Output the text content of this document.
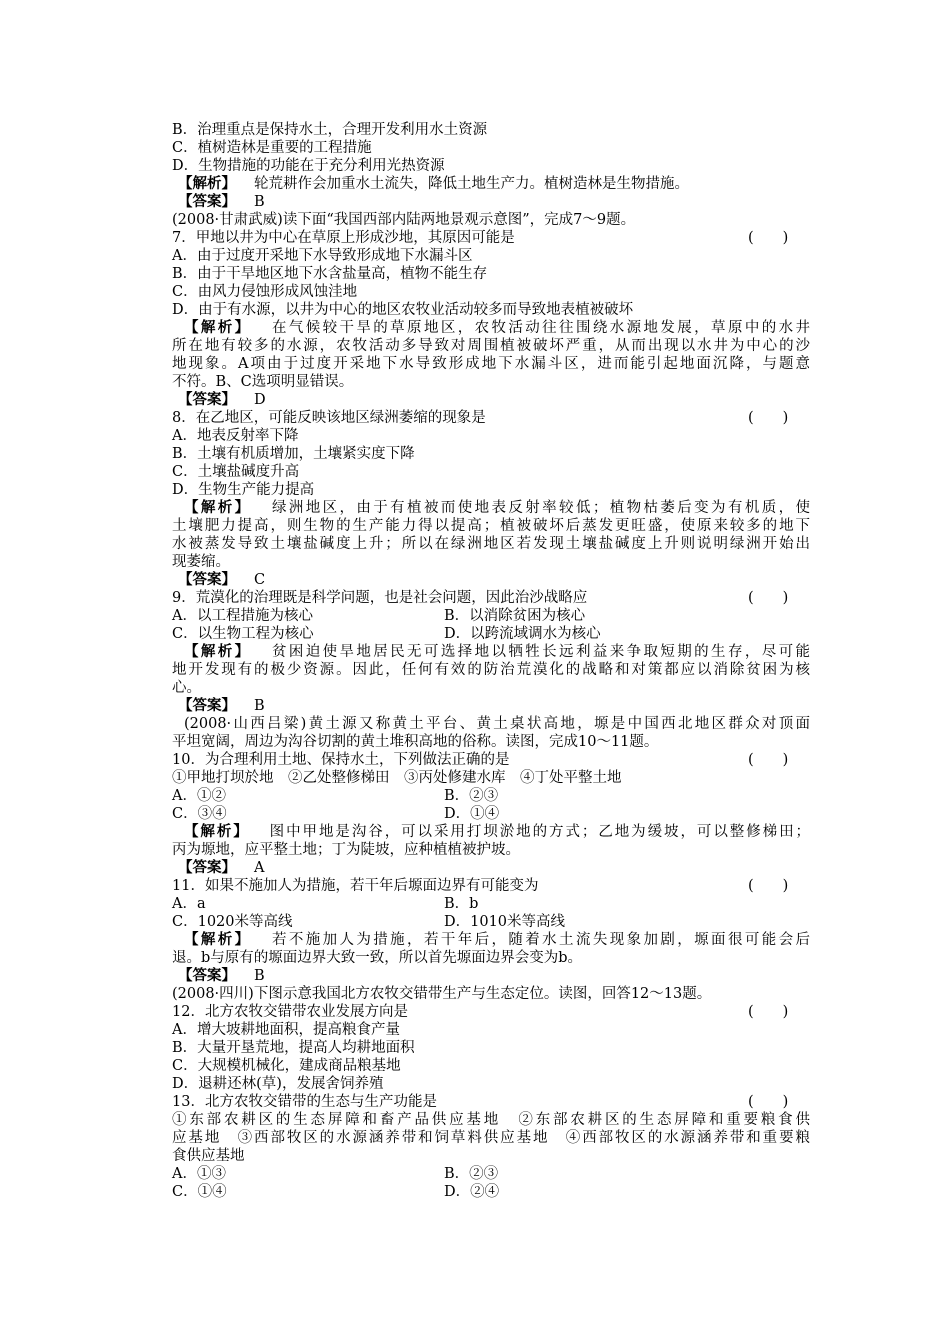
B．治理重点是保持水土，合理开发利用水土资源
C．植树造林是重要的工程措施
D．生物措施的功能在于充分利用光热资源
【解析】 轮荒耕作会加重水土流失，降低土地生产力。植树造林是生物措施。
【答案】 B
(2008·甘肃武威)读下面“我国西部内陆两地景观示意图”，完成7～9题。
7．甲地以井为中心在草原上形成沙地，其原因可能是	(　　)
A．由于过度开采地下水导致形成地下水漏斗区
B．由于干旱地区地下水含盐量高，植物不能生存
C．由风力侵蚀形成风蚀洼地
D．由于有水源，以井为中心的地区农牧业活动较多而导致地表植被破坏
【解析】 在气候较干旱的草原地区，农牧活动往往围绕水源地发展，草原中的水井
所在地有较多的水源，农牧活动多导致对周围植被破坏严重，从而出现以水井为中心的沙
地现象。A项由于过度开采地下水导致形成地下水漏斗区，进而能引起地面沉降，与题意
不符。B、C选项明显错误。
【答案】 D
8．在乙地区，可能反映该地区绿洲萎缩的现象是	(　　)
A．地表反射率下降
B．土壤有机质增加，土壤紧实度下降
C．土壤盐碱度升高
D．生物生产能力提高
【解析】 绿洲地区，由于有植被而使地表反射率较低；植物枯萎后变为有机质，使
土壤肥力提高，则生物的生产能力得以提高；植被破坏后蒸发更旺盛，使原来较多的地下
水被蒸发导致土壤盐碱度上升；所以在绿洲地区若发现土壤盐碱度上升则说明绿洲开始出
现萎缩。
【答案】 C
9．荒漠化的治理既是科学问题，也是社会问题，因此治沙战略应	(　　)
A．以工程措施为核心	B．以消除贫困为核心
C．以生物工程为核心	D．以跨流域调水为核心
【解析】 贫困迫使旱地居民无可选择地以牺牲长远利益来争取短期的生存，尽可能
地开发现有的极少资源。因此，任何有效的防治荒漠化的战略和对策都应以消除贫困为核
心。
【答案】 B
(2008·山西吕梁)黄土源又称黄土平台、黄土桌状高地，塬是中国西北地区群众对顶面
平坦宽阔，周边为沟谷切割的黄土堆积高地的俗称。读图，完成10～11题。
10．为合理利用土地、保持水土，下列做法正确的是	(　　)
①甲地打坝於地　②乙处整修梯田　③丙处修建水库　④丁处平整土地
A．①②	B．②③
C．③④	D．①④
【解析】 图中甲地是沟谷，可以采用打坝淤地的方式；乙地为缓坡，可以整修梯田；
丙为塬地，应平整土地；丁为陡坡，应种植植被护坡。
【答案】 A
11．如果不施加人为措施，若干年后塬面边界有可能变为	(　　)
A．a	B．b
C．1020米等高线	D．1010米等高线
【解析】 若不施加人为措施，若干年后，随着水土流失现象加剧，塬面很可能会后
退。b与原有的塬面边界大致一致，所以首先塬面边界会变为b。
【答案】 B
(2008·四川)下图示意我国北方农牧交错带生产与生态定位。读图，回答12～13题。
12．北方农牧交错带农业发展方向是	(　　)
A．增大坡耕地面积，提高粮食产量
B．大量开垦荒地，提高人均耕地面积
C．大规模机械化，建成商品粮基地
D．退耕还林(草)，发展舍饲养殖
13．北方农牧交错带的生态与生产功能是	(　　)
①东部农耕区的生态屏障和畜产品供应基地　②东部农耕区的生态屏障和重要粮食供
应基地　③西部牧区的水源涵养带和饲草料供应基地　④西部牧区的水源涵养带和重要粮
食供应基地
A．①③	B．②③
C．①④	D．②④
